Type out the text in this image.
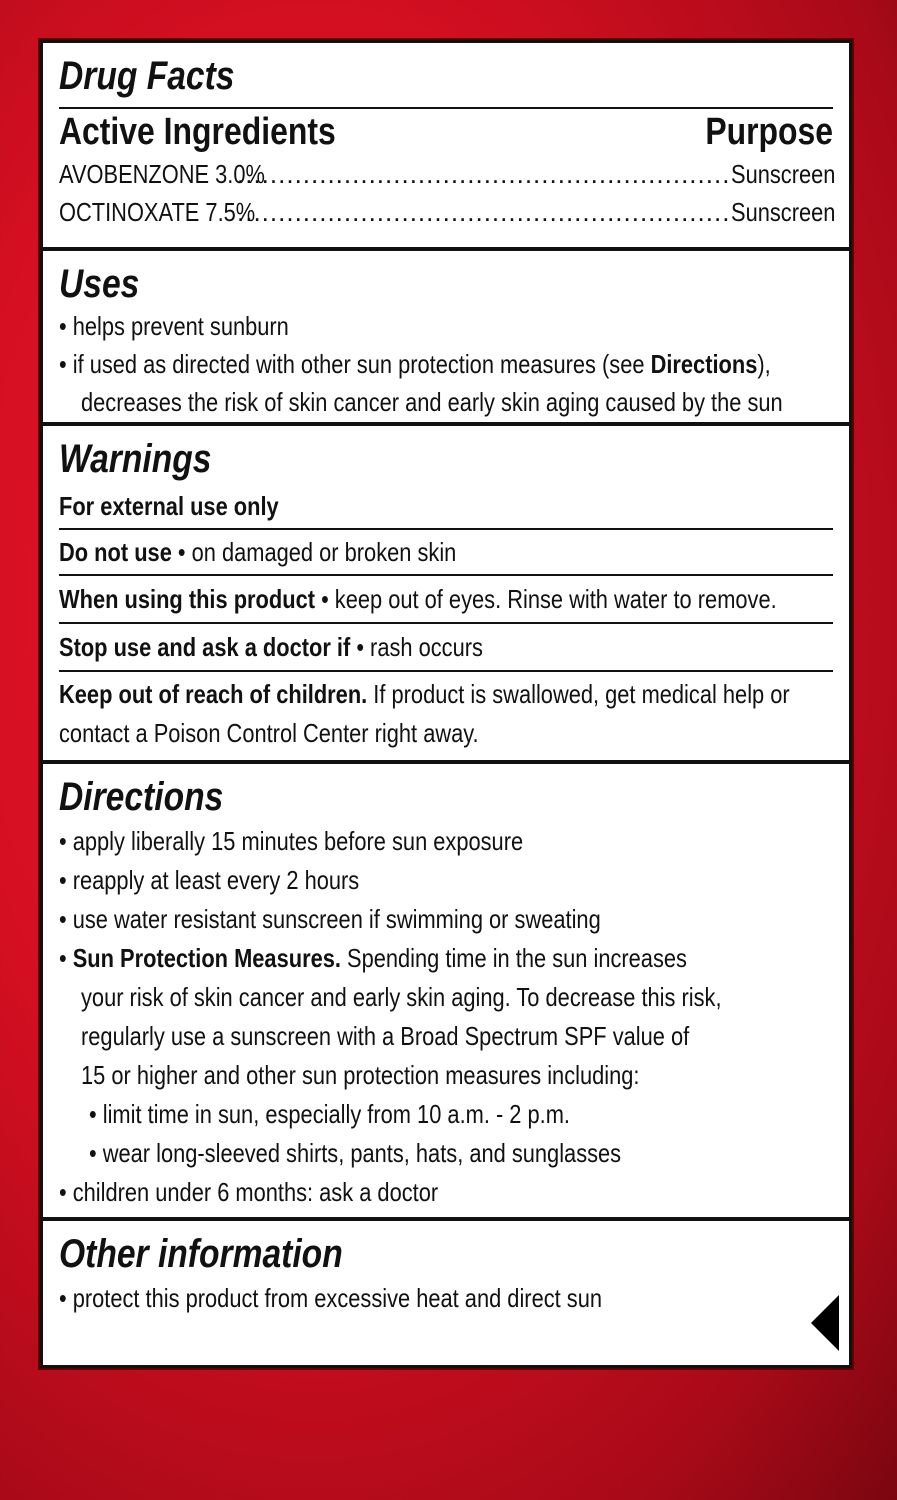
Drug Facts
Active Ingredients	Purpose
AVOBENZONE 3.0% .....	Sunscreen
OCTINOXATE 7.5% .....	Sunscreen
Uses
• helps prevent sunburn
• if used as directed with other sun protection measures (see Directions),
decreases the risk of skin cancer and early skin aging caused by the sun
Warnings
For external use only
Do not use • on damaged or broken skin
When using this product • keep out of eyes. Rinse with water to remove.
Stop use and ask a doctor if • rash occurs
Keep out of reach of children. If product is swallowed, get medical help or
contact a Poison Control Center right away.
Directions
• apply liberally 15 minutes before sun exposure
• reapply at least every 2 hours
• use water resistant sunscreen if swimming or sweating
• Sun Protection Measures. Spending time in the sun increases
your risk of skin cancer and early skin aging. To decrease this risk,
regularly use a sunscreen with a Broad Spectrum SPF value of
15 or higher and other sun protection measures including:
• limit time in sun, especially from 10 a.m. - 2 p.m.
• wear long-sleeved shirts, pants, hats, and sunglasses
• children under 6 months: ask a doctor
Other information
• protect this product from excessive heat and direct sun
